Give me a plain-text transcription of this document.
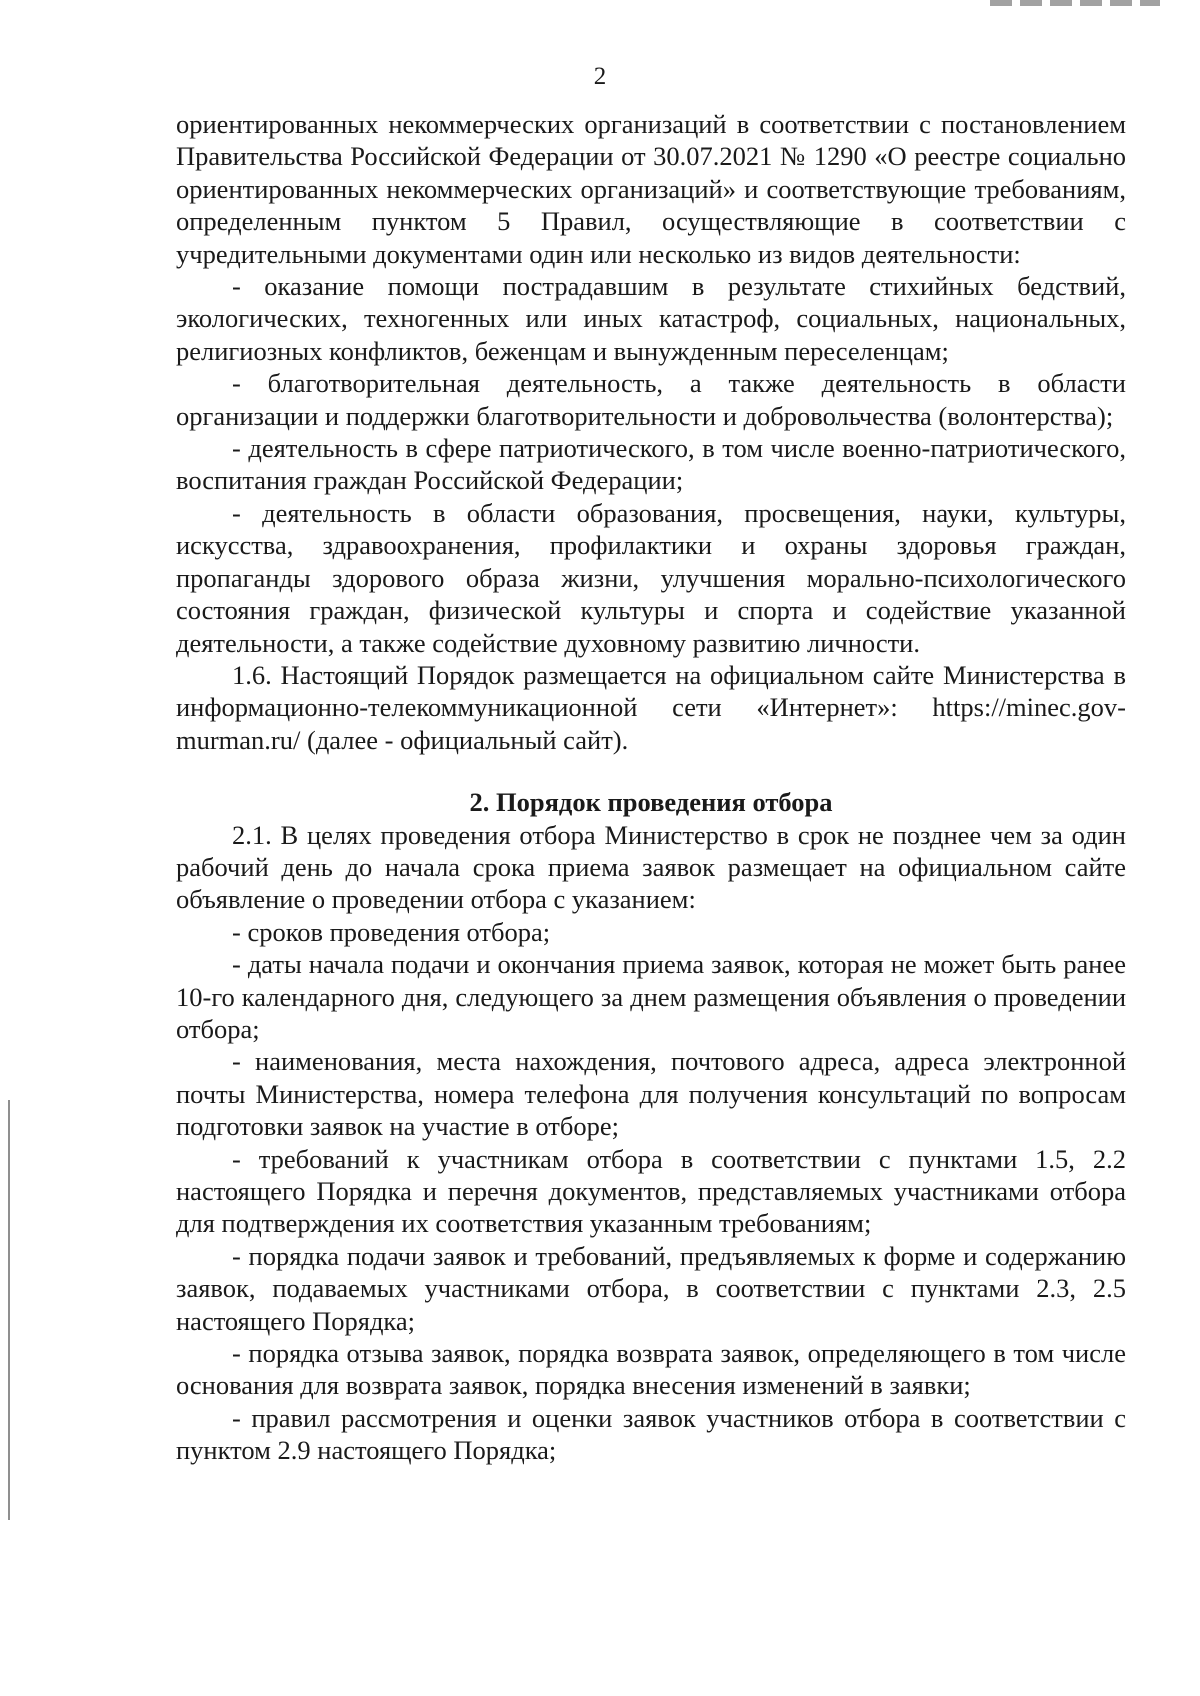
2

ориентированных некоммерческих организаций в соответствии с постановлением Правительства Российской Федерации от 30.07.2021 № 1290 «О реестре социально ориентированных некоммерческих организаций» и соответствующие требованиям, определенным пунктом 5 Правил, осуществляющие в соответствии с учредительными документами один или несколько из видов деятельности:

- оказание помощи пострадавшим в результате стихийных бедствий, экологических, техногенных или иных катастроф, социальных, национальных, религиозных конфликтов, беженцам и вынужденным переселенцам;

- благотворительная деятельность, а также деятельность в области организации и поддержки благотворительности и добровольчества (волонтерства);

- деятельность в сфере патриотического, в том числе военно-патриотического, воспитания граждан Российской Федерации;

- деятельность в области образования, просвещения, науки, культуры, искусства, здравоохранения, профилактики и охраны здоровья граждан, пропаганды здорового образа жизни, улучшения морально-психологического состояния граждан, физической культуры и спорта и содействие указанной деятельности, а также содействие духовному развитию личности.

1.6. Настоящий Порядок размещается на официальном сайте Министерства в информационно-телекоммуникационной сети «Интернет»: https://minec.gov-murman.ru/ (далее - официальный сайт).

2. Порядок проведения отбора

2.1. В целях проведения отбора Министерство в срок не позднее чем за один рабочий день до начала срока приема заявок размещает на официальном сайте объявление о проведении отбора с указанием:

- сроков проведения отбора;

- даты начала подачи и окончания приема заявок, которая не может быть ранее 10-го календарного дня, следующего за днем размещения объявления о проведении отбора;

- наименования, места нахождения, почтового адреса, адреса электронной почты Министерства, номера телефона для получения консультаций по вопросам подготовки заявок на участие в отборе;

- требований к участникам отбора в соответствии с пунктами 1.5, 2.2 настоящего Порядка и перечня документов, представляемых участниками отбора для подтверждения их соответствия указанным требованиям;

- порядка подачи заявок и требований, предъявляемых к форме и содержанию заявок, подаваемых участниками отбора, в соответствии с пунктами 2.3, 2.5 настоящего Порядка;

- порядка отзыва заявок, порядка возврата заявок, определяющего в том числе основания для возврата заявок, порядка внесения изменений в заявки;

- правил рассмотрения и оценки заявок участников отбора в соответствии с пунктом 2.9 настоящего Порядка;
